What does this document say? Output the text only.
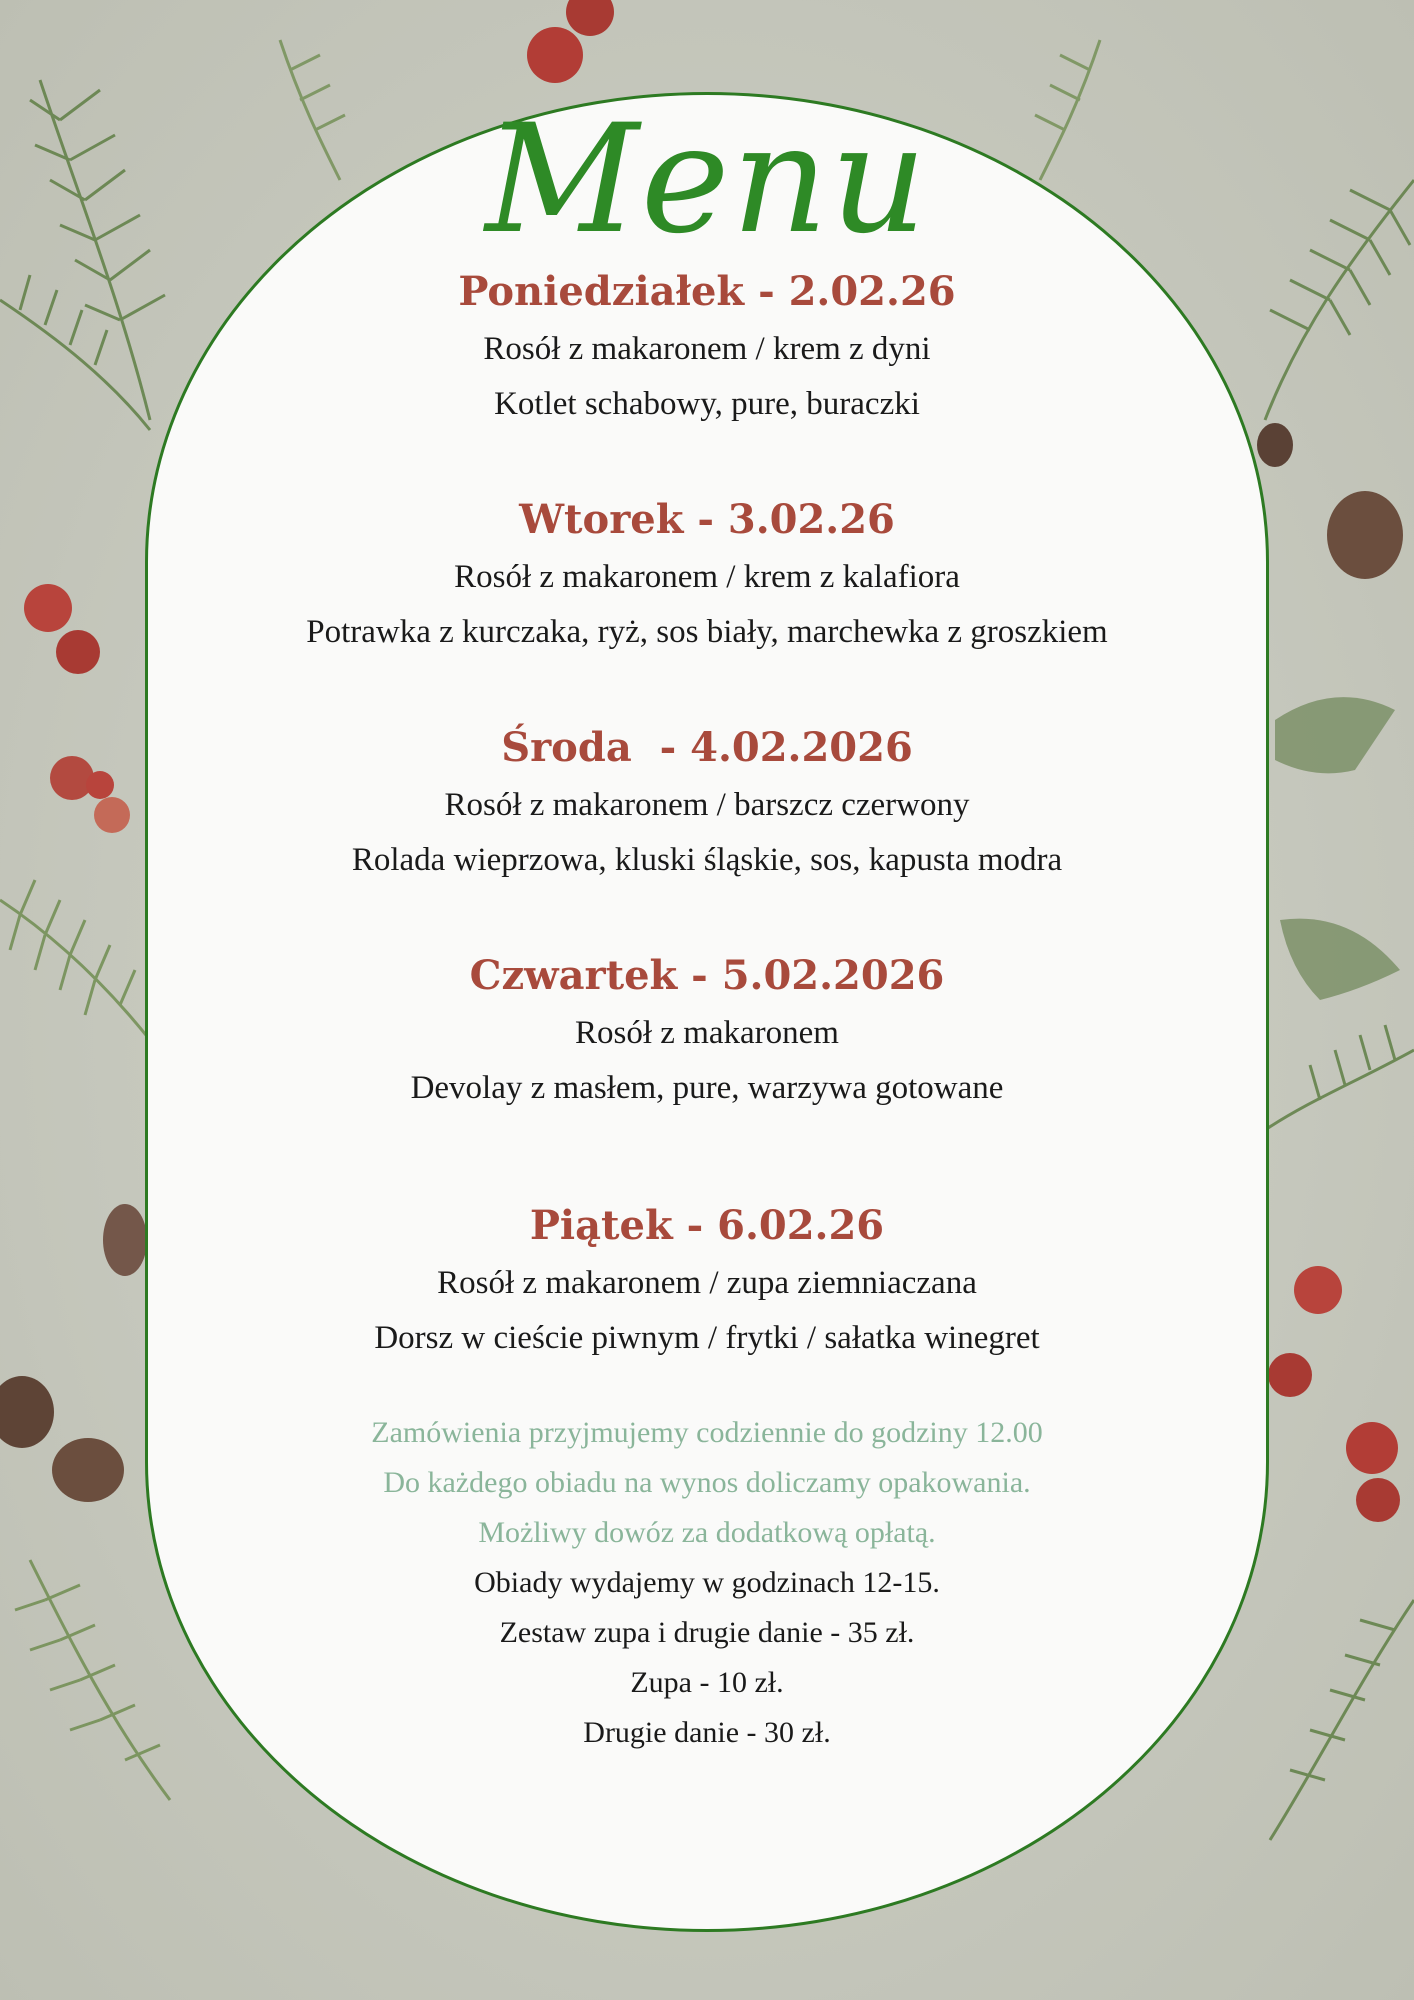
Menu

Poniedziałek - 2.02.26

Rosół z makaronem / krem z dyni

Kotlet schabowy, pure, buraczki

Wtorek - 3.02.26

Rosół z makaronem / krem z kalafiora

Potrawka z kurczaka, ryż, sos biały, marchewka z groszkiem

Środa  - 4.02.2026

Rosół z makaronem / barszcz czerwony

Rolada wieprzowa, kluski śląskie, sos, kapusta modra

Czwartek - 5.02.2026

Rosół z makaronem

Devolay z masłem, pure, warzywa gotowane

Piątek - 6.02.26

Rosół z makaronem / zupa ziemniaczana

Dorsz w cieście piwnym / frytki / sałatka winegret

Zamówienia przyjmujemy codziennie do godziny 12.00

Do każdego obiadu na wynos doliczamy opakowania.

Możliwy dowóz za dodatkową opłatą.

Obiady wydajemy w godzinach 12-15.

Zestaw zupa i drugie danie - 35 zł.

Zupa - 10 zł.

Drugie danie - 30 zł.
